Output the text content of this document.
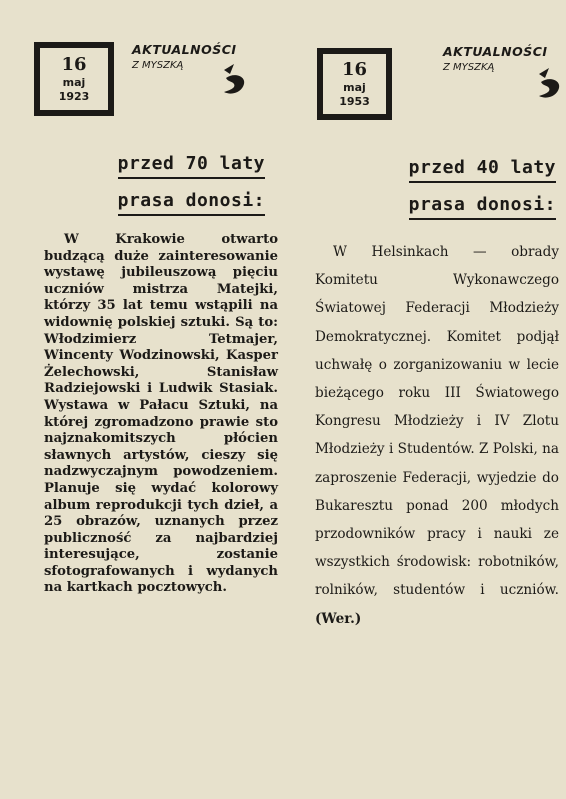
16
maj
1923
AKTUALNOŚCI
Z MYSZKĄ
przed 70 laty
prasa donosi:

W Krakowie otwarto budzącą duże zainteresowanie wystawę jubileuszową pięciu uczniów mistrza Matejki, którzy 35 lat temu wstąpili na widownię polskiej sztuki. Są to: Włodzimierz Tetmajer, Wincenty Wodzinowski, Kasper Żelechowski, Stanisław Radziejowski i Ludwik Stasiak. Wystawa w Pałacu Sztuki, na której zgromadzono prawie sto najznakomitszych płócien sławnych artystów, cieszy się nadzwyczajnym powodzeniem. Planuje się wydać kolorowy album reprodukcji tych dzieł, a 25 obrazów, uznanych przez publiczność za najbardziej interesujące, zostanie sfotografowanych i wydanych na kartkach pocztowych.

16
maj
1953
AKTUALNOŚCI
Z MYSZKĄ
przed 40 laty
prasa donosi:

W Helsinkach — obrady Komitetu Wykonawczego Światowej Federacji Młodzieży Demokratycznej. Komitet podjął uchwałę o zorganizowaniu w lecie bieżącego roku III Światowego Kongresu Młodzieży i IV Zlotu Młodzieży i Studentów. Z Polski, na zaproszenie Federacji, wyjedzie do Bukaresztu ponad 200 młodych przodowników pracy i nauki ze wszystkich środowisk: robotników, rolników, studentów i uczniów. (Wer.)
